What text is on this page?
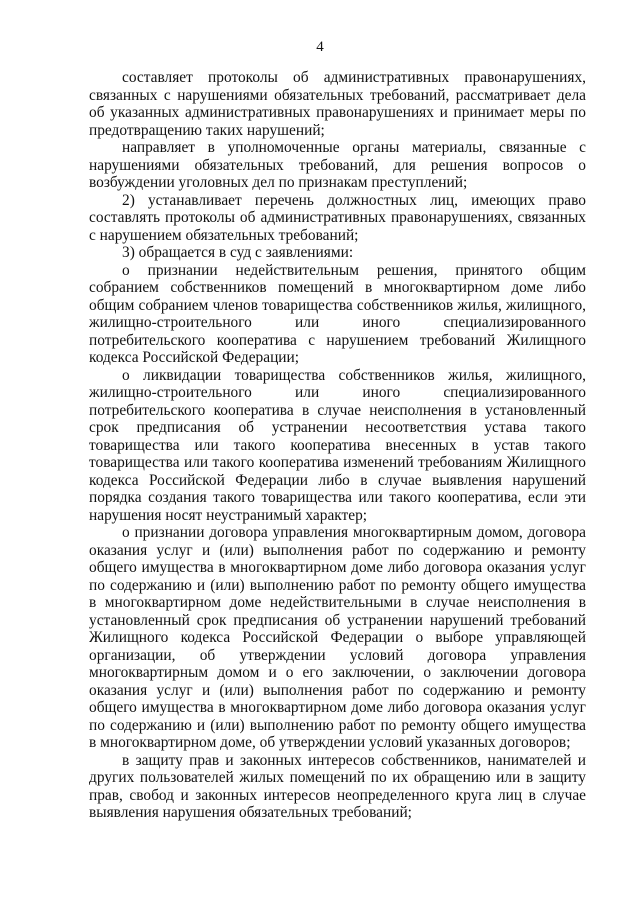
4

составляет протоколы об административных правонарушениях, связанных с нарушениями обязательных требований, рассматривает дела об указанных административных правонарушениях и принимает меры по предотвращению таких нарушений;

направляет в уполномоченные органы материалы, связанные с нарушениями обязательных требований, для решения вопросов о возбуждении уголовных дел по признакам преступлений;

2) устанавливает перечень должностных лиц, имеющих право составлять протоколы об административных правонарушениях, связанных с нарушением обязательных требований;

3) обращается в суд с заявлениями:

о признании недействительным решения, принятого общим собранием собственников помещений в многоквартирном доме либо общим собранием членов товарищества собственников жилья, жилищного, жилищно-строительного или иного специализированного потребительского кооператива с нарушением требований Жилищного кодекса Российской Федерации;

о ликвидации товарищества собственников жилья, жилищного, жилищно-строительного или иного специализированного потребительского кооператива в случае неисполнения в установленный срок предписания об устранении несоответствия устава такого товарищества или такого кооператива внесенных в устав такого товарищества или такого кооператива изменений требованиям Жилищного кодекса Российской Федерации либо в случае выявления нарушений порядка создания такого товарищества или такого кооператива, если эти нарушения носят неустранимый характер;

о признании договора управления многоквартирным домом, договора оказания услуг и (или) выполнения работ по содержанию и ремонту общего имущества в многоквартирном доме либо договора оказания услуг по содержанию и (или) выполнению работ по ремонту общего имущества в многоквартирном доме недействительными в случае неисполнения в установленный срок предписания об устранении нарушений требований Жилищного кодекса Российской Федерации о выборе управляющей организации, об утверждении условий договора управления многоквартирным домом и о его заключении, о заключении договора оказания услуг и (или) выполнения работ по содержанию и ремонту общего имущества в многоквартирном доме либо договора оказания услуг по содержанию и (или) выполнению работ по ремонту общего имущества в многоквартирном доме, об утверждении условий указанных договоров;

в защиту прав и законных интересов собственников, нанимателей и других пользователей жилых помещений по их обращению или в защиту прав, свобод и законных интересов неопределенного круга лиц в случае выявления нарушения обязательных требований;
